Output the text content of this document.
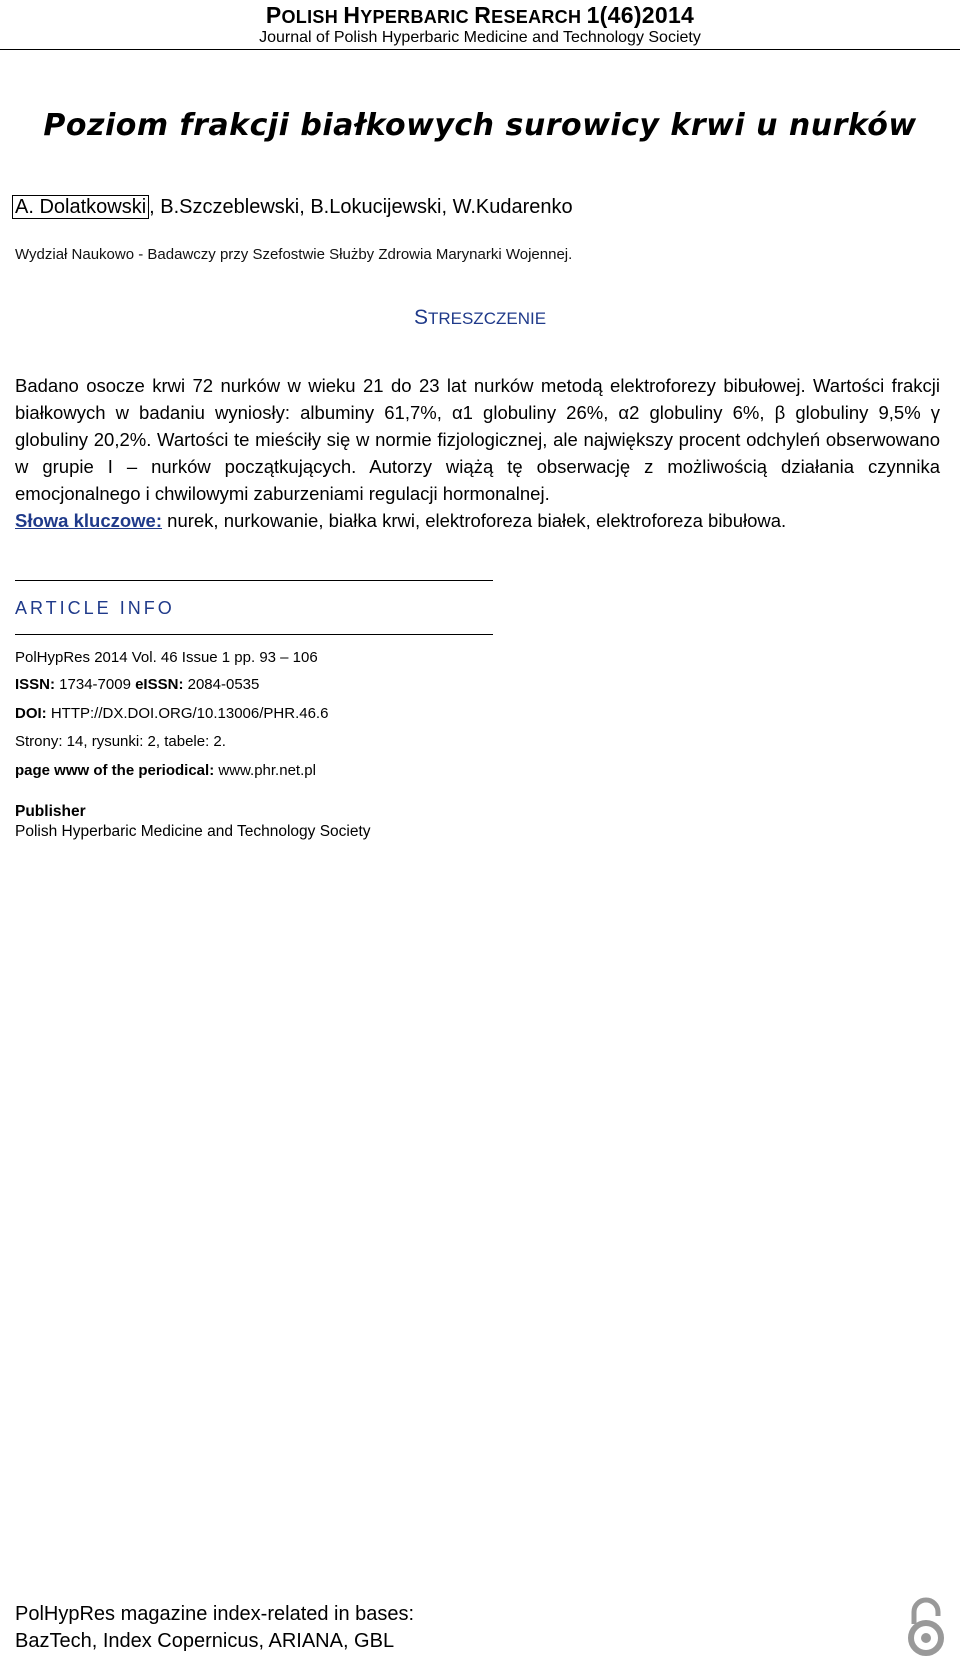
POLISH HYPERBARIC RESEARCH 1(46)2014
Journal of Polish Hyperbaric Medicine and Technology Society
Poziom frakcji białkowych surowicy krwi u nurków
A. Dolatkowski , B.Szczeblewski, B.Lokucijewski, W.Kudarenko
Wydział Naukowo - Badawczy przy Szefostwie Służby Zdrowia Marynarki Wojennej.
STRESZCZENIE

Badano osocze krwi 72 nurków w wieku 21 do 23 lat nurków metodą elektroforezy bibułowej. Wartości frakcji białkowych w badaniu wyniosły: albuminy 61,7%, α1 globuliny 26%, α2 globuliny 6%, β globuliny 9,5% γ globuliny 20,2%. Wartości te mieściły się w normie fizjologicznej, ale największy procent odchyleń obserwowano w grupie I – nurków początkujących. Autorzy wiążą tę obserwację z możliwością działania czynnika emocjonalnego i chwilowymi zaburzeniami regulacji hormonalnej.

Słowa kluczowe: nurek, nurkowanie, białka krwi, elektroforeza białek, elektroforeza bibułowa.

ARTICLE INFO
PolHypRes 2014 Vol. 46 Issue 1 pp. 93 – 106
ISSN: 1734-7009 eISSN: 2084-0535
DOI: HTTP://DX.DOI.ORG/10.13006/PHR.46.6
Strony: 14, rysunki: 2, tabele: 2.
page www of the periodical: www.phr.net.pl
Publisher
Polish Hyperbaric Medicine and Technology Society
PolHypRes magazine index-related in bases:
BazTech, Index Copernicus, ARIANA, GBL
